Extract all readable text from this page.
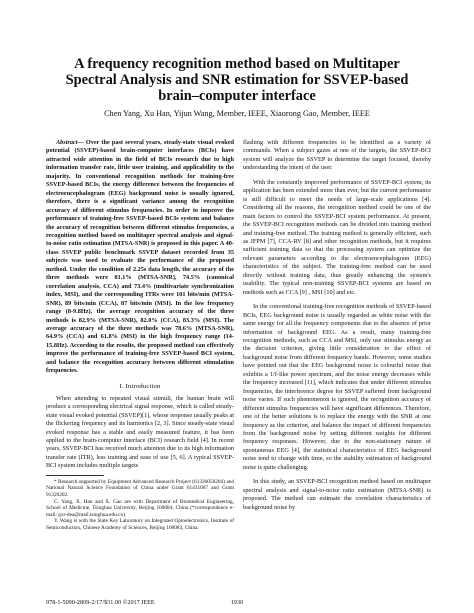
A frequency recognition method based on Multitaper Spectral Analysis and SNR estimation for SSVEP-based brain–computer interface
Chen Yang, Xu Han, Yijun Wang, Member, IEEE, Xiaorong Gao, Member, IEEE

Abstract— Over the past several years, steady-state visual evoked potential (SSVEP)-based brain-computer interfaces (BCIs) have attracted wide attention in the field of BCIs research due to high information transfer rate, little user training, and applicability to the majority. In conventional recognition methods for training-free SSVEP-based BCIs, the energy difference between the frequencies of electroencephalogram (EEG) background noise is usually ignored, therefore, there is a significant variance among the recognition accuracy of different stimulus frequencies. In order to improve the performance of training-free SSVEP-based BCIs system and balance the accuracy of recognition between different stimulus frequencies, a recognition method based on multitaper spectral analysis and signal-to-noise ratio estimation (MTSA-SNR) is proposed in this paper. A 40-class SSVEP public benchmark SSVEP dataset recorded from 35 subjects was used to evaluate the performance of the proposed method. Under the condition of 2.25s data length, the accuracy of the three methods were 81.1% (MTSA-SNR), 74.5% (canonical correlation analysis, CCA) and 73.4% (multivariate synchronization index, MSI), and the corresponding ITRs were 101 bits/min (MTSA-SNR), 89 bits/min (CCA), 87 bits/min (MSI). In the low frequency range (8-9.8Hz), the average recognition accuracy of the three methods is 82.9% (MTSA-SNR), 82.0% (CCA), 83.3% (MSI). The average accuracy of the three methods was 78.6% (MTSA-SNR), 64.9% (CCA) and 61.8% (MSI) in the high frequency range (14-15.8Hz). According to the results, the proposed method can effectively improve the performance of training-free SSVEP-based BCI system, and balance the recognition accuracy between different stimulation frequencies.

I. Introduction

When attending to repeated visual stimuli, the human brain will produce a corresponding electrical signal response, which is called steady-state visual evoked potential (SSVEP)[1], whose response usually peaks at the flickering frequency and its harmonics [2, 3]. Since steady-state visual evoked response has a stable and easily measured feature, it has been applied to the brain-computer interface (BCI) research field [4]. In recent years, SSVEP-BCI has received much attention due to its high information transfer rate (ITR), less training and ease of use [5, 6]. A typical SSVEP-BCI system includes multiple targets

* Research supported by Equipment Advanced Research Project (61326050204) and National Natural Science Foundation of China under Grant 61431007 and Grant 91320202.

C. Yang, X. Han and X. Gao are with Department of Biomedical Engineering, School of Medicine, Tsinghua University, Beijing 100084, China (*correspondence e-mail: gxr-dea@mail.tsinghua.edu.cn).

Y. Wang is with the State Key Laboratory on Integrated Optoelectronics, Institute of Semiconductors, Chinese Academy of Sciences, Beijing 100083, China.

flashing with different frequencies to be identified as a variety of commands. When a subject gazes at one of the targets, the SSVEP-BCI system will analyze the SSVEP to determine the target focused, thereby understanding the intent of the user.

With the constantly improved performance of SSVEP-BCI system, its application has been extended more than ever, but the current performance is still difficult to meet the needs of large-scale applications [4]. Considering all the reasons, the recognition method could be one of the main factors to control the SSVEP-BCI system performance. At present, the SSVEP-BCI recognition methods can be divided into training method and training-free method. The training method is generally efficient, such as JFPM [7], CCA-RV [8] and other recognition methods, but it requires sufficient training data so that the processing system can optimize the relevant parameters according to the electroencephalogram (EEG) characteristics of the subject. The training-free method can be used directly without training data, thus greatly enhancing the system's usability. The typical non-training SSVEP-BCI systems are based on methods such as CCA [9] , MSI [10] and etc.

In the conventional training-free recognition methods of SSVEP-based BCIs, EEG background noise is usually regarded as white noise with the same energy for all the frequency components due to the absence of prior information of background EEG. As a result, many training-free recognition methods, such as CCA and MSI, only use stimulus energy as the decision criterion, giving little consideration to the effect of background noise from different frequency bands. However, some studies have pointed out that the EEG background noise is colourful noise that exhibits a 1/f-like power spectrum, and the noise energy decreases while the frequency increased [11], which indicates that under different stimulus frequencies, the interference degree for SSVEP suffered from background noise varies. If such phenomenon is ignored, the recognition accuracy of different stimulus frequencies will have significant differences. Therefore, one of the better solutions is to replace the energy with the SNR at one frequency as the criterion, and balance the impact of different frequencies from the background noise by setting different weights for different frequency responses. However, due to the non-stationary nature of spontaneous EEG [4], the statistical characteristics of EEG background noise tend to change with time, so the stability estimation of background noise is quite challenging.

In this study, an SSVEP-BCI recognition method based on multitaper spectral analysis and signal-to-noise ratio estimation (MTSA-SNR) is proposed. The method can estimate the correlation characteristics of background noise by

978-1-5090-2809-2/17/$31.00 ©2017 IEEE	1930
